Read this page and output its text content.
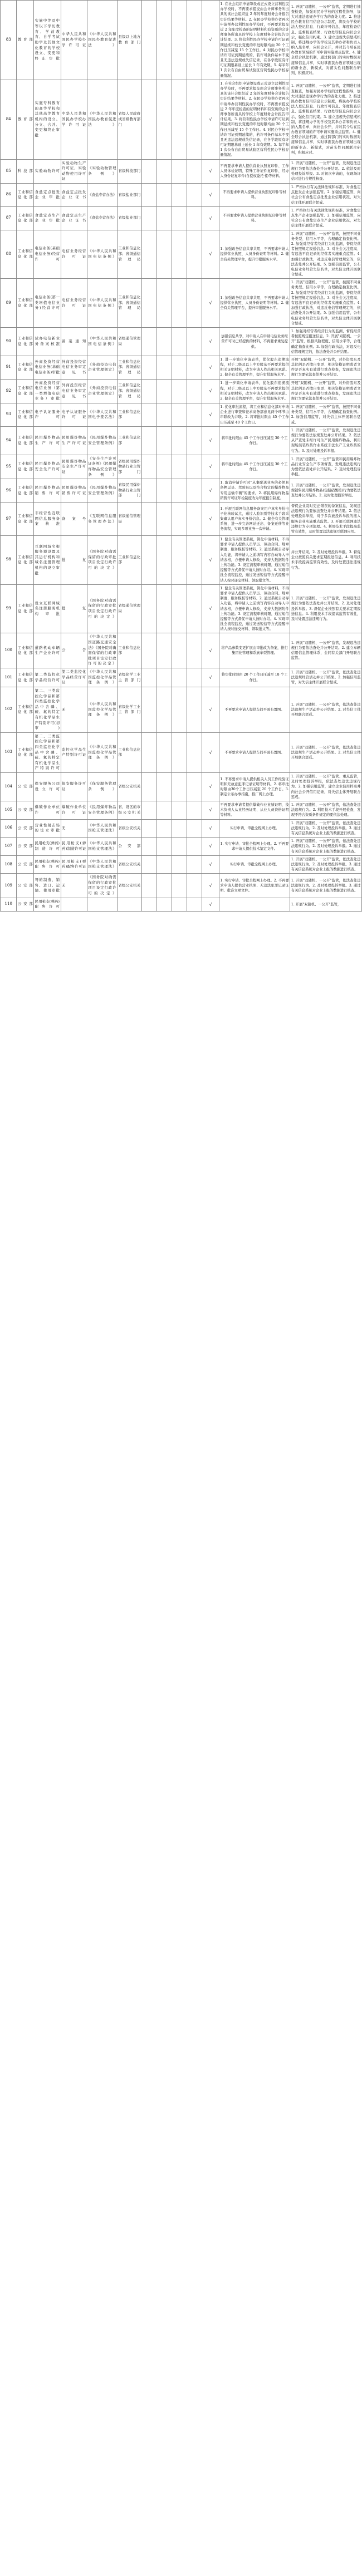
83	教育部	实施中等及中等以下学历教育、学前教育、自学考试助学及其他文化教育的学校设立、变更和终止审批	中华人民共和国民办学校办学许可证	《中华人民共和国民办教育促进法》	县级以上地方教育部门					√	1. 在社会组织申请筹设或正式设立营利性民办学校时，不再要求提交由会计师事务所出具的该社会组织近 2 年的年度财务会计报告审计结果等材料。2. 在民办学校举办者再次申请举办营利性民办学校时，不再要求提交近 2 年年度检查的证明材料和有资质的会计师事务所出具的学校上年度财务会计报告审计结果。3. 将营利性民办学校申请许可证到期延续和校长变更的审批时限均由 20 个工作日压减至 15 个工作日。4. 对民办学校申请许可证到期延续的，若许可条件基本不变且无违法违规或失信记录，在各学段原有许可证期限基础上延长 1 年有效期。5. 每半年 1 次公布自由贸易试验区营利性民办学校存量情况。	1. 开展"双随机、一公开"监管，定期进行抽查检查，加强对民办学校的过程性指导，加大对违法违规办学行为的查处力度。2. 推进民办教育信用信息公示制度，将民办学校的法人登记信息、行政许可信息、年度检查信息、监督检查结果、行政处罚信息向社会公示，强化信用约束。3. 建立违规失信惩戒机制，将违规办学的学校及其举办者和负责人纳入黑名单，向社会公开，并对其今后在民办教育领域的许可申请实施重点监管。4. 健全联合执法机制，通过跨部门的实时数据对接和信息共享，实时掌握民办教育领域出现的新业态、新模式，对苗头性问题联合研判，积极应对。
84	教育部	实施专科教育的高等学校和其他高等教育机构的设立、分立、合并、变更和终止审批	中华人民共和国民办学校办学许可证	《中华人民共和国民办教育促进法》	省级人民政府或省级教育部门					√	1. 在社会组织申请筹设或正式设立营利性民办学校时，不再要求提交由会计师事务所出具的该社会组织近 2 年的年度财务会计报告审计结果等材料。2. 在民办学校举办者再次申请举办营利性民办学校时，不再要求提交近 2 年年度检查的证明材料和有资质的会计师事务所出具的学校上年度财务会计报告审计结果。3. 将营利性民办学校申请许可证到期延续和校长变更的审批时限均由 20 个工作日压减至 15 个工作日。4. 对民办学校申请许可证到期延续的，若许可条件基本不变且无违法违规或失信记录，在各学段原有许可证期限基础上延长 1 年有效期。5. 每半年 1 次公布自由贸易试验区营利性民办学校存量情况。	1. 开展"双随机、一公开"监管，定期进行抽查检查，加强对民办学校的过程性指导，加大对违法违规办学行为的查处力度。2. 推进民办教育信用信息公示制度，将民办学校的法人登记信息、行政许可信息、年度检查信息、监督检查结果、行政处罚信息向社会公示，强化信用约束。3. 建立违规失信惩戒机制，将违规办学的学校及其举办者和负责人纳入黑名单，向社会公开，并对其今后在民办教育领域的许可申请实施重点监管。4. 健全联合执法机制，通过跨部门的实时数据对接和信息共享，实时掌握民办教育领域出现的新业态、新模式，对苗头性问题联合研判，积极应对。
85	科技部	实验动物许可	实验动物生产许可证、实验动物使用许可证	《实验动物管理条例》	省级科技部门					√	不再要求申请人提供营业执照复印件、工作人员体检证明、特殊工种证件复印件、经办人身份证复印件(含授权委托书)等材料。	1. 开展"双随机、一公开"监管，发现违法违规行为要依法查处并公开结果。2. 依法及时处理投诉举报。3. 对初次申请的，在现场评估时进行合规性核查。
86	工业和信息化部	食盐定点批发企业审批	食盐定点批发企业证书	《食盐专营办法》	省级盐业部门					√	不再要求申请人提供营业执照复印件等材料。	1. 严格执行有关法律法规和标准，对食盐定点批发企业加强监管。2. 加强信用监管，向社会公布食盐定点批发企业信用状况，对失信主体开展联合惩戒。
87	工业和信息化部	食盐定点生产企业审批	食盐定点生产企业证书	《食盐专营办法》	省级盐业部门					√	不再要求申请人提供营业执照复印件等材料。	1. 严格执行有关法律法规和标准，对食盐定点生产企业加强监管。2. 加强信用监管，向社会公布食盐定点生产企业信用状况，对失信主体开展联合惩戒。
88	工业和信息化部	电信业务(基础电信业务)经营许可	电信业务经营许可证	《中华人民共和国电信条例》	工业和信息化部；省级通信管理局					√	1. 加强政务信息共享共用，不再要求申请人提供营业执照、人员身份证明等材料。2. 健全有关管理平台，提升审批服务水平。	1. 开展"双随机、一公开"监管，按照不同业务类型、信用水平等，合理确定抽查比例。2. 加强对经营者经营行为的监测，督促经营者按照规定报送信息。3. 对社会关注度高、有违法不良记录的经营者实施重点监管。4. 加强行政执法，对违反电信管理规定的，依法查处并公开结果。5. 加强信用监管，公布电信业务经营失信名单，对失信主体开展联合惩戒。
89	工业和信息化部	电信业务(第一类增值电信业务)经营许可	电信业务经营许可证	《中华人民共和国电信条例》	工业和信息化部；省级通信管理局					√	1. 加强政务信息共享共用，不再要求申请人提供营业执照、人员身份证明等材料。2. 健全有关管理平台，提升审批服务水平。	1. 开展"双随机、一公开"监管，按照不同业务类型、信用水平等，合理确定抽查比例。2. 加强对经营者经营行为的监测，督促经营者按照规定报送信息。3. 对社会关注度高、有违法不良记录的经营者实施重点监管。4. 加强行政执法，对违反电信管理规定的，依法查处并公开结果。5. 加强信用监管，公布电信业务经营失信名单，对失信主体开展联合惩戒。
90	工业和信息化部	试办电信新业务备案核准	备案通知	《中华人民共和国电信条例》	省级通信管理局					√	加强信息共享，对申请人在申请电信业务经营许可时已经提供的材料，不再要求重复提供。	1. 加强对经营者经营行为的监测，督促经营者按照规定报送信息。2. 开展"双随机、一公开"监管，根据风险程度、信用水平等，合理确定抽查比例。3. 加强行政执法，对违反电信管理规定的，依法查处并公开结果。
91	工业和信息化部	外商投资经营电信业务(基础电信业务)审批	外商投资经营电信业务审定意见书	《外商投资电信企业管理规定》	工业和信息化部；省级通信管理局					√	1. 进一步简化申请表单，优化股东追溯流程，对于二级及以上中方股东不再要求提供相关证明材料，改为申请人作出相关承诺。2. 健全有关管理平台，提升审批服务水平。	开展"双随机、一公开"监管，对外资股东及其比例是否擅自变更、相关资格证明或者文件是否真实有效进行重点检查，发现违法违规行为要依法查处并公开结果。
92	工业和信息化部	外商投资经营电信业务（第一类增值电信业务）审批	外商投资经营电信业务审定意见书	《外商投资电信企业管理规定》	工业和信息化部；省级通信管理局					√	1. 进一步简化申请表单，优化股东追溯流程，对于二级及以上中方股东不再要求提供相关证明材料，改为申请人作出相关承诺。2. 健全有关管理平台，提升审批服务水平。	开展"双随机、一公开"监管，对外资股东及其比例是否擅自变更、相关资格证明或者文件是否真实有效进行重点检查，发现违法违规行为要依法查处并公开结果。
93	工业和信息化部	电子认证服务许可	电子认证服务许可证	《中华人民共和国电子签名法》	工业和信息化部					√	1. 优化审批流程，将工业和信息化部对申请企业进行审查和征求商务部意见两个环节由串联改为并联。2. 将审批时限由 45 个工作日压减至 40 个工作日。	1. 开展"双随机、一公开"监管，按照不同业务类型、信用水平等，合理确定抽查比例。2. 加强信用监管，对失信主体开展联合惩戒。
94	工业和信息化部	民用爆炸物品生产许可	民用爆炸物品生产许可证	《民用爆炸物品安全管理条例》	工业和信息化部					√	将审批时限由 45 个工作日压减至 30 个工作日。	1. 开展"双随机、一公开"监管，发现违法违规行为要依法依规查处并公开结果。2. 依法从严查处未经许可生产民用爆炸物品、利用现场混装炸药作业系统非法生产工业炸药的行为。3. 及时处理投诉举报。
95	工业和信息化部	民用爆炸物品安全生产许可	民用爆炸物品安全生产许可证	《安全生产许可证条例》《民用爆炸物品安全管理条例》	省级民用爆炸物品行业主管部门					√	将审批时限由 45 个工作日压减至 30 个工作日。	1. 开展"双随机、一公开"监管和民用爆炸物品行业安全生产专项督查，发现违法违规行为要依法查处并公开结果。2. 及时处理投诉举报。
96	工业和信息化部	民用爆炸物品销售许可	民用爆炸物品销售许可证	《民用爆炸物品安全管理条例》	省级民用爆炸物品行业主管部门					√	1. 取消申请许可时"从事配送业务的必须具备押运员、驾驶员以及符合特定的爆炸物品专用运输车辆"的要求。2. 将民用爆炸物品销售许可证年检制度改为年度报告制度。	1. 开展"双随机、一公开"监管，发现违法违规销售民用爆炸物品(包括硝酸铵)行为要依法查处并公开结果。2. 及时处理投诉举报。
97	工业和信息化部	非经营性互联网信息服务备案核准	备案号	《互联网信息服务管理办法》	省级通信管理局					√	1. 开展互联网信息服务备案用户真实身份电子化核验试点，通过人脸识别等技术手段采集确认用户真实身份信息。2. 健全有关管理系统，进一步完善网站迁出、备案迁移等业务流程，实现多项业务一次申请。	督促企业及时更正错误的备案信息，发现违法违规行为要依法查处并公开结果。2. 依法处理投诉举报，对于多次被投诉举报的接入服务企业实施重点监管。3. 开展互联网违法违规行为专项治理。4. 利用技术手段提高监管有效性，及时处置违法违规互联网应用。
98	工业和信息化部	互联网域名根服务器设置及其运行机构和域名注册管理机构的设立审批	批复	《国务院对确需保留的行政审批项目设定行政许可的决定》	工业和信息化部					√	1. 健全有关管理系统，简化申请材料，不再要求申请人提供人员学历、劳动合同、规章制度、服务模板等材料。2. 通过系统自动导入功能，将申请人之前填写内容自动导入申请表格，方便申请人修改，支持大数据附件上传功能。3. 设定流程审核时限，通过短信提醒等方式督促申请人按时办结。4. 实现审批全流程监控，通过发送短信等方式提醒申请人按时递交材料、领取批文等。	并公开结果。2. 及时处理投诉举报。3. 督促企业按照有关要求定期报送信息。4. 利用技术手段提高监管有效性，及时处置违法违规行为。
99	工业和信息化部	设立互联网域名注册服务机构审批	批复	《国务院对确需保留的行政审批项目设定行政许可的决定》	省级通信管理局					√	1. 健全有关管理系统，简化申请材料，不再要求申请人提供人员学历、劳动合同、规章制度、服务模板等材料。2. 通过系统自动导入功能，将申请人之前填写内容自动导入申请表格，方便申请人修改，支持大数据附件上传功能。3. 设定流程审核时限，通过短信提醒等方式督促申请人按时办结。4. 实现审批全流程监控，通过发送短信等方式提醒申请人按时递交材料、领取批文等。	1. 开展"双随机、一公开"监管，发现违法违规行为要依法查处并公开结果。2. 及时处理投诉举报。3. 督促企业按照有关要求定期报送信息。4. 利用技术手段提高监管有效性，及时处置违法违规行为。
100	工业和信息化部	道路机动车辆生产企业许可	公告	《中华人民共和国道路交通安全法》《国务院对确需保留的行政审批项目设定行政许可的决定》	工业和信息化部					√	将产品参数变更扩展由审批改为备案，推行集团化管理和系族车型管理。	1. 开展"双随机、一公开"监管，发现违法违规行为要依法查处并公开结果。2. 建立车辆信用信息管理体系，会同有关部门开展联合监管。
101	工业和信息化部	第二类监控化学品经营许可	第二类监控化学品经营许可证	《中华人民共和国监控化学品管理条例》	省级化学工业主管部门					√	将审批时限由 20 个工作日压减至 18 个工作日。	1. 开展"双随机、一公开"监管，依法查处违法违规经营活动并公开结果。2. 加强信用监管，对失信主体开展联合惩戒。
102	工业和信息化部	第二、三类监控化学品和第四类监控化学品中含磷、硫、氟的特定有机化学品生产特别许可(初审)	无	《中华人民共和国监控化学品管理条例》	省级化学工业主管部门					√	不再要求申请人提供车间平面布置图。	1. 开展"双随机、一公开"监管，依法查处违法违规生产活动并公开结果。2. 对失信主体开展联合惩戒。
103	工业和信息化部	第二、三类监控化学品和第四类监控化学品中含磷、硫、氟的特定有机化学品生产特别许可	监控化学品生产特别许可证	《中华人民共和国监控化学品管理条例》	工业和信息化部					√	不再要求申请人提供车间平面布置图。	1. 开展"双随机、一公开"监管，依法查处违法违规生产活动并公开结果。2. 对失信主体开展联合惩戒。
104	公安部	保安服务公司设立许可	保安服务许可证	《保安服务管理条例》	省级公安机关					√	1. 不再要求申请人提供相关人员工作经验证明和无故意犯罪记录证明等材料。2. 将审批时限由30个工作日压减至 20 个工作日。3. 制定公布办事指南，推广网上办理。	1. 开展"双随机、一公开"监管、重点监管，及时处理投诉举报，依法查处违法违规行为。2. 加强信用监管，建立企业信用档案并向社会公开信用记录，对失信主体开展联合惩戒。
105	公安部	爆破作业单位许可	爆破作业单位许可证	《民用爆炸物品安全管理条例》	省、设区的市级公安机关					√	不再要求申请者提供爆破作业业绩证明、技术负责人从业经历证明、从业人员资格证明等材料。	1. 开展"双随机、一公开"监管，依法查处违法违规行为。2. 利用技术手段开展检查，发现不符合资质条件规定的要依法处理。
106	公安部	营业性射击场的设立审批	无	《中华人民共和国枪支管理法》	省级公安机关					√	实行申请、审批全程网上办理。	1. 开展"双随机、一公开"监管，依法查处违法违规行为。2. 及时处理投诉举报。3. 通过有关信息系统对企业上报的数据进行核查。
107	公安部	民用枪支(弹药)制造许可	民用枪支(弹药)制造许可证	《中华人民共和国枪支管理法》	公安部					√	1. 实行申请、审批全程网上办理。2. 不再要求申请人提供技术鉴定文件。	1. 开展"双随机、一公开"监管，依法查处违法违规行为。2. 及时处理投诉举报。3. 通过有关信息系统对企业上报的数据进行核查。
108	公安部	民用枪支(弹药)配售许可	民用枪支(弹药)配售许可证	《中华人民共和国枪支管理法》	省级公安机关					√	实行申请、审批全程网上办理。	1. 开展"双随机、一公开"监管，依法查处违法违规行为。2. 及时处理投诉举报。3. 通过有关信息系统对企业上报的数据进行核查。
109	公安部	弩的制造、销售、进口、运输、使用审批	无	《国务院对确需保留的行政审批项目设定行政许可的决定》	省级公安机关					√	1. 实行申请、审批全程网上办理。2. 不再要求申请人提供营业执照、无违法犯罪记录证明、批准立项文件。	1. 开展"双随机、一公开"监管，依法查处违法违规行为。2. 及时处理投诉举报。3. 通过有关信息系统对企业上报的数据进行核查。
110	公安部	民用枪支(弹药)配售许可								√		1. 开展"双随机、一公开"监管，
